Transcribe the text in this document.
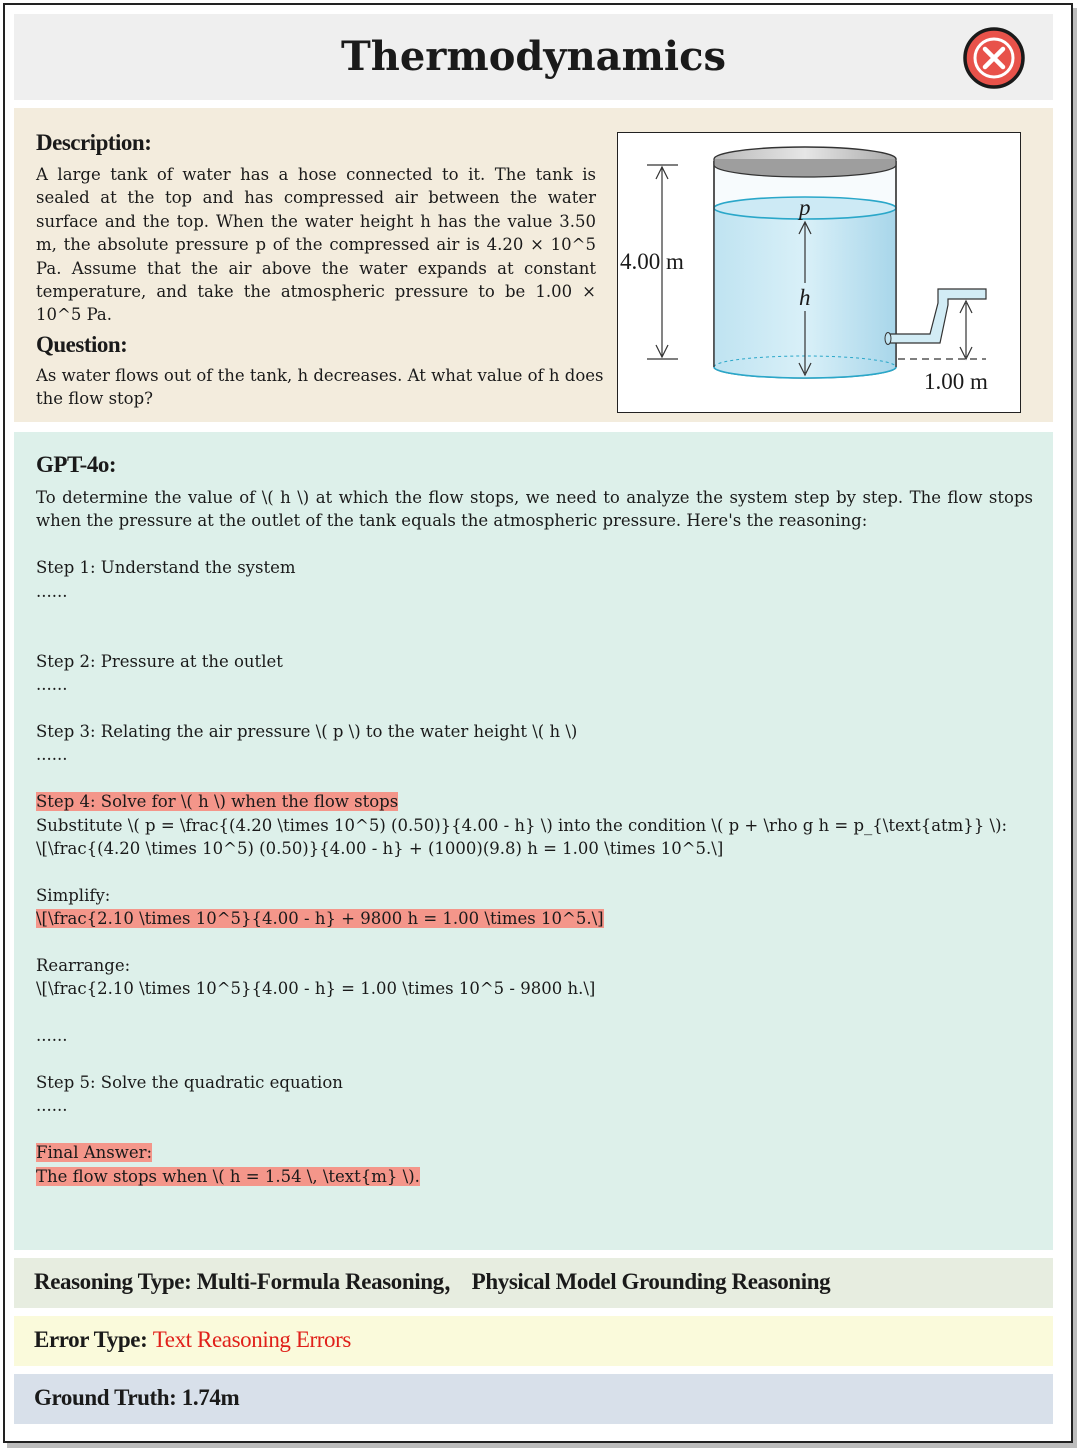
Thermodynamics
Description:
A large tank of water has a hose connected to it. The tank is sealed at the top and has compressed air between the water surface and the top. When the water height h has the value 3.50 m, the absolute pressure p of the compressed air is 4.20 × 10^5 Pa. Assume that the air above the water expands at constant temperature, and take the atmospheric pressure to be 1.00 × 10^5 Pa.
Question:
As water flows out of the tank, h decreases. At what value of h does the flow stop?
4.00 m
p
h
1.00 m
GPT-4o:

To determine the value of \( h \) at which the flow stops, we need to analyze the system step by step. The flow stops when the pressure at the outlet of the tank equals the atmospheric pressure. Here's the reasoning:

Step 1: Understand the system

......

Step 2: Pressure at the outlet

......

Step 3: Relating the air pressure \( p \) to the water height \( h \)

......

Step 4: Solve for \( h \) when the flow stops

Substitute \( p = \frac{(4.20 \times 10^5) (0.50)}{4.00 - h} \) into the condition \( p + \rho g h = p_{\text{atm}} \):

\[\frac{(4.20 \times 10^5) (0.50)}{4.00 - h} + (1000)(9.8) h = 1.00 \times 10^5.\]

Simplify:

\[\frac{2.10 \times 10^5}{4.00 - h} + 9800 h = 1.00 \times 10^5.\]

Rearrange:

\[\frac{2.10 \times 10^5}{4.00 - h} = 1.00 \times 10^5 - 9800 h.\]

......

Step 5: Solve the quadratic equation

......

Final Answer:

The flow stops when \( h = 1.54 \, \text{m} \).

Reasoning Type: Multi-Formula Reasoning， Physical Model Grounding Reasoning
Error Type: Text Reasoning Errors
Ground Truth: 1.74m
